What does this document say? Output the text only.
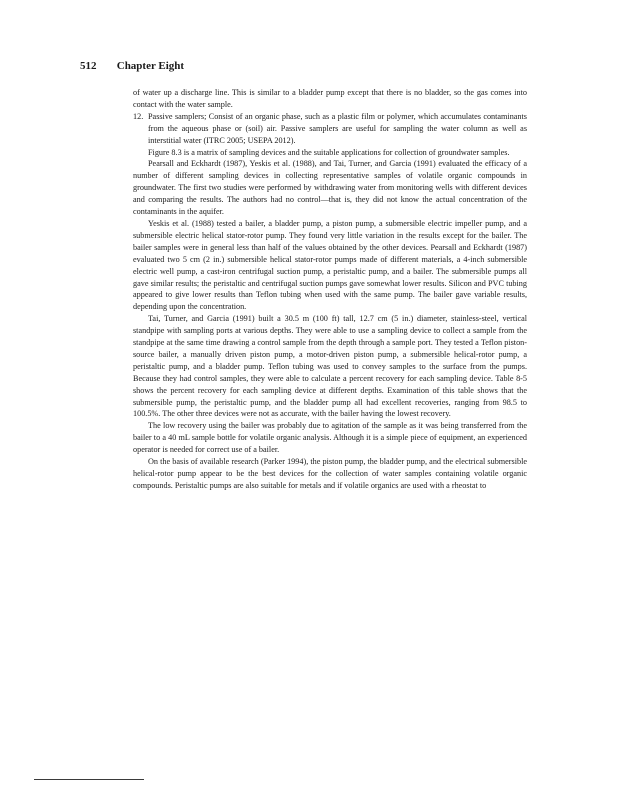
512 Chapter Eight

of water up a discharge line. This is similar to a bladder pump except that there is no bladder, so the gas comes into contact with the water sample.

12. Passive samplers; Consist of an organic phase, such as a plastic film or polymer, which accumulates contaminants from the aqueous phase or (soil) air. Passive samplers are useful for sampling the water column as well as interstitial water (ITRC 2005; USEPA 2012).

Figure 8.3 is a matrix of sampling devices and the suitable applications for collection of groundwater samples.

Pearsall and Eckhardt (1987), Yeskis et al. (1988), and Tai, Turner, and Garcia (1991) evaluated the efficacy of a number of different sampling devices in collecting representative samples of volatile organic compounds in groundwater. The first two studies were performed by withdrawing water from monitoring wells with different devices and comparing the results. The authors had no control—that is, they did not know the actual concentration of the contaminants in the aquifer.

Yeskis et al. (1988) tested a bailer, a bladder pump, a piston pump, a submersible electric impeller pump, and a submersible electric helical stator-rotor pump. They found very little variation in the results except for the bailer. The bailer samples were in general less than half of the values obtained by the other devices. Pearsall and Eckhardt (1987) evaluated two 5 cm (2 in.) submersible helical stator-rotor pumps made of different materials, a 4-inch submersible electric well pump, a cast-iron centrifugal suction pump, a peristaltic pump, and a bailer. The submersible pumps all gave similar results; the peristaltic and centrifugal suction pumps gave somewhat lower results. Silicon and PVC tubing appeared to give lower results than Teflon tubing when used with the same pump. The bailer gave variable results, depending upon the concentration.

Tai, Turner, and Garcia (1991) built a 30.5 m (100 ft) tall, 12.7 cm (5 in.) diameter, stainless-steel, vertical standpipe with sampling ports at various depths. They were able to use a sampling device to collect a sample from the standpipe at the same time drawing a control sample from the depth through a sample port. They tested a Teflon piston-source bailer, a manually driven piston pump, a motor-driven piston pump, a submersible helical-rotor pump, a peristaltic pump, and a bladder pump. Teflon tubing was used to convey samples to the surface from the pumps. Because they had control samples, they were able to calculate a percent recovery for each sampling device. Table 8-5 shows the percent recovery for each sampling device at different depths. Examination of this table shows that the submersible pump, the peristaltic pump, and the bladder pump all had excellent recoveries, ranging from 98.5 to 100.5%. The other three devices were not as accurate, with the bailer having the lowest recovery.

The low recovery using the bailer was probably due to agitation of the sample as it was being transferred from the bailer to a 40 mL sample bottle for volatile organic analysis. Although it is a simple piece of equipment, an experienced operator is needed for correct use of a bailer.

On the basis of available research (Parker 1994), the piston pump, the bladder pump, and the electrical submersible helical-rotor pump appear to be the best devices for the collection of water samples containing volatile organic compounds. Peristaltic pumps are also suitable for metals and if volatile organics are used with a rheostat to
